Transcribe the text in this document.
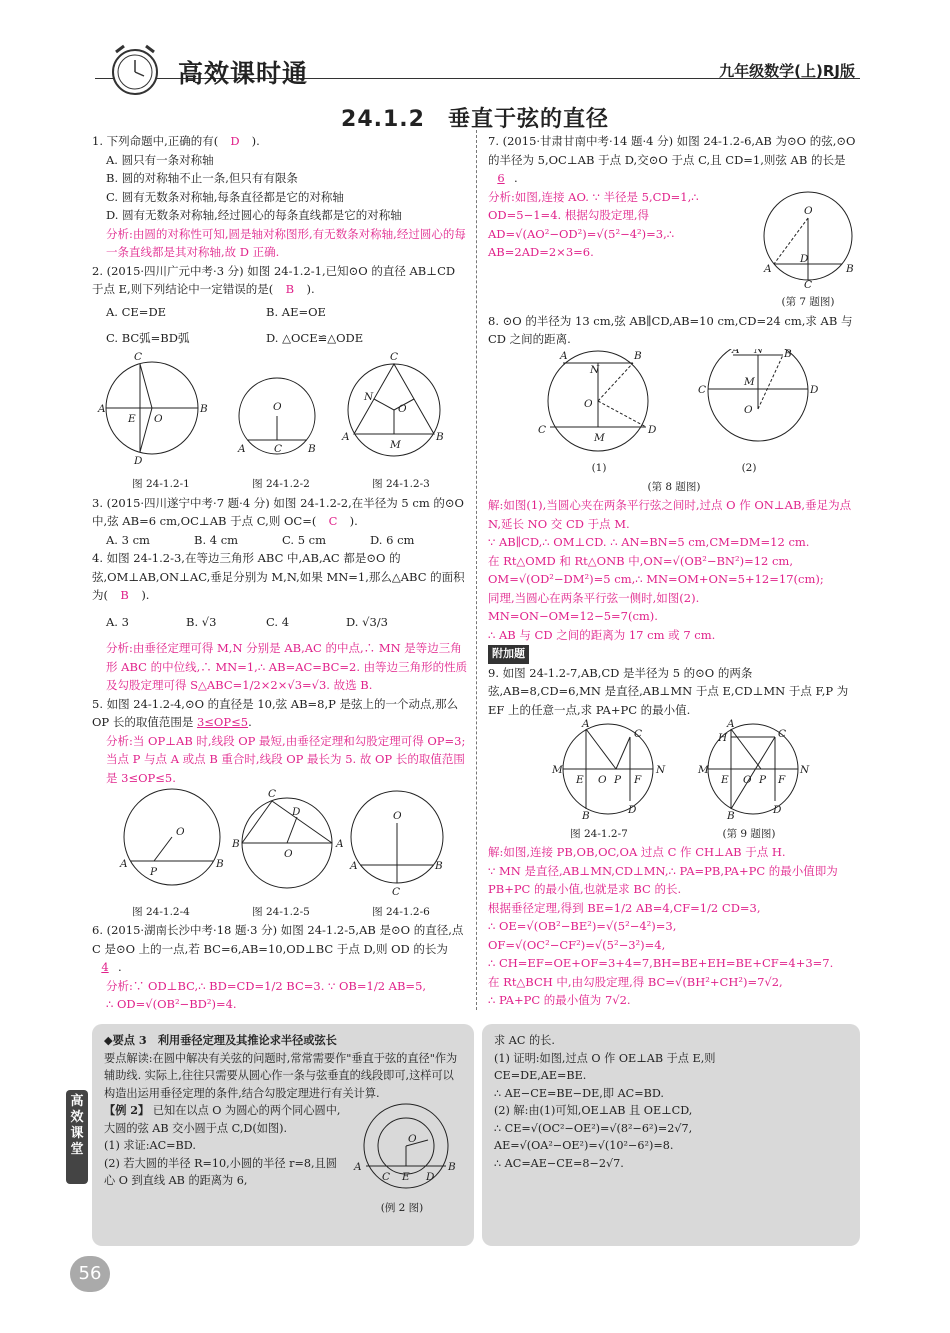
高效课时通	九年级数学(上)RJ版
24.1.2　垂直于弦的直径

1. 下列命题中,正确的有( D ).

A. 圆只有一条对称轴

B. 圆的对称轴不止一条,但只有有限条

C. 圆有无数条对称轴,每条直径都是它的对称轴

D. 圆有无数条对称轴,经过圆心的每条直线都是它的对称轴

分析:由圆的对称性可知,圆是轴对称图形,有无数条对称轴,经过圆心的每一条直线都是其对称轴,故 D 正确.

2. (2015·四川广元中考·3 分) 如图 24-1.2-1,已知⊙O 的直径 AB⊥CD 于点 E,则下列结论中一定错误的是( B ).

A. CE=DE	B. AE=OE

C. BC弧=BD弧	D. △OCE≌△ODE

A	B
C
D
E O
O
A	C B
C
A	B
O
N
M

图 24-1.2-1	图 24-1.2-2	图 24-1.2-3

3. (2015·四川遂宁中考·7 题·4 分) 如图 24-1.2-2,在半径为 5 cm 的⊙O 中,弦 AB=6 cm,OC⊥AB 于点 C,则 OC=( C ).

A. 3 cm	B. 4 cm	C. 5 cm	D. 6 cm

4. 如图 24-1.2-3,在等边三角形 ABC 中,AB,AC 都是⊙O 的弦,OM⊥AB,ON⊥AC,垂足分别为 M,N,如果 MN=1,那么△ABC 的面积为( B ).

A. 3	B. √3	C. 4	D. √3/3

分析:由垂径定理可得 M,N 分别是 AB,AC 的中点,∴ MN 是等边三角形 ABC 的中位线,∴ MN=1,∴ AB=AC=BC=2. 由等边三角形的性质及勾股定理可得 S△ABC=1/2×2×√3=√3. 故选 B.

5. 如图 24-1.2-4,⊙O 的直径是 10,弦 AB=8,P 是弦上的一个动点,那么 OP 长的取值范围是 3≤OP≤5.

分析:当 OP⊥AB 时,线段 OP 最短,由垂径定理和勾股定理可得 OP=3;当点 P 与点 A 或点 B 重合时,线段 OP 最长为 5. 故 OP 长的取值范围是 3≤OP≤5.

O
A
P
B
C
B	A
O
D	O
A
C
B

图 24-1.2-4	图 24-1.2-5	图 24-1.2-6

6. (2015·湖南长沙中考·18 题·3 分) 如图 24-1.2-5,AB 是⊙O 的直径,点 C 是⊙O 上的一点,若 BC=6,AB=10,OD⊥BC 于点 D,则 OD 的长为 4 .

分析:∵ OD⊥BC,∴ BD=CD=1/2 BC=3. ∵ OB=1/2 AB=5,

∴ OD=√(OB²−BD²)=4.

7. (2015·甘肃甘南中考·14 题·4 分) 如图 24-1.2-6,AB 为⊙O 的弦,⊙O 的半径为 5,OC⊥AB 于点 D,交⊙O 于点 C,且 CD=1,则弦 AB 的长是 6 .

分析:如图,连接 AO. ∵ 半径是 5,CD=1,∴ OD=5−1=4. 根据勾股定理,得 AD=√(AO²−OD²)=√(5²−4²)=3,∴ AB=2AD=2×3=6.

O
A	B
C
D

(第 7 题图)

8. ⊙O 的半径为 13 cm,弦 AB∥CD,AB=10 cm,CD=24 cm,求 AB 与 CD 之间的距离.

A	B
N
O
C	D
M
A N B
C
M
D
O

(1)	(2)

(第 8 题图)

解:如图(1),当圆心夹在两条平行弦之间时,过点 O 作 ON⊥AB,垂足为点 N,延长 NO 交 CD 于点 M.

∵ AB∥CD,∴ OM⊥CD. ∴ AN=BN=5 cm,CM=DM=12 cm.

在 Rt△OMD 和 Rt△ONB 中,ON=√(OB²−BN²)=12 cm,

OM=√(OD²−DM²)=5 cm,∴ MN=OM+ON=5+12=17(cm);

同理,当圆心在两条平行弦一侧时,如图(2).

MN=ON−OM=12−5=7(cm).

∴ AB 与 CD 之间的距离为 17 cm 或 7 cm.

附加题

9. 如图 24-1.2-7,AB,CD 是半径为 5 的⊙O 的两条弦,AB=8,CD=6,MN 是直径,AB⊥MN 于点 E,CD⊥MN 于点 F,P 为 EF 上的任意一点,求 PA+PC 的最小值.

A
C
M	N
E O P F
B	D
A
H	C
M	N
E O P F
B	D

图 24-1.2-7	(第 9 题图)

解:如图,连接 PB,OB,OC,OA 过点 C 作 CH⊥AB 于点 H.

∵ MN 是直径,AB⊥MN,CD⊥MN,∴ PA=PB,PA+PC 的最小值即为 PB+PC 的最小值,也就是求 BC 的长.

根据垂径定理,得到 BE=1/2 AB=4,CF=1/2 CD=3,

∴ OE=√(OB²−BE²)=√(5²−4²)=3,

OF=√(OC²−CF²)=√(5²−3²)=4,

∴ CH=EF=OE+OF=3+4=7,BH=BE+EH=BE+CF=4+3=7.

在 Rt△BCH 中,由勾股定理,得 BC=√(BH²+CH²)=7√2,

∴ PA+PC 的最小值为 7√2.

◆要点 3　利用垂径定理及其推论求半径或弦长

要点解读:在圆中解决有关弦的问题时,常常需要作"垂直于弦的直径"作为辅助线. 实际上,往往只需要从圆心作一条与弦垂直的线段即可,这样可以构造出运用垂径定理的条件,结合勾股定理进行有关计算.

【例 2】 已知在以点 O 为圆心的两个同心圆中,大圆的弦 AB 交小圆于点 C,D(如图).

(1) 求证:AC=BD.

(2) 若大圆的半径 R=10,小圆的半径 r=8,且圆心 O 到直线 AB 的距离为 6,

O
A
C E D
B

(例 2 图)

求 AC 的长.

(1) 证明:如图,过点 O 作 OE⊥AB 于点 E,则

CE=DE,AE=BE.

∴ AE−CE=BE−DE,即 AC=BD.

(2) 解:由(1)可知,OE⊥AB 且 OE⊥CD,

∴ CE=√(OC²−OE²)=√(8²−6²)=2√7,

AE=√(OA²−OE²)=√(10²−6²)=8.

∴ AC=AE−CE=8−2√7.

高效课堂
56
